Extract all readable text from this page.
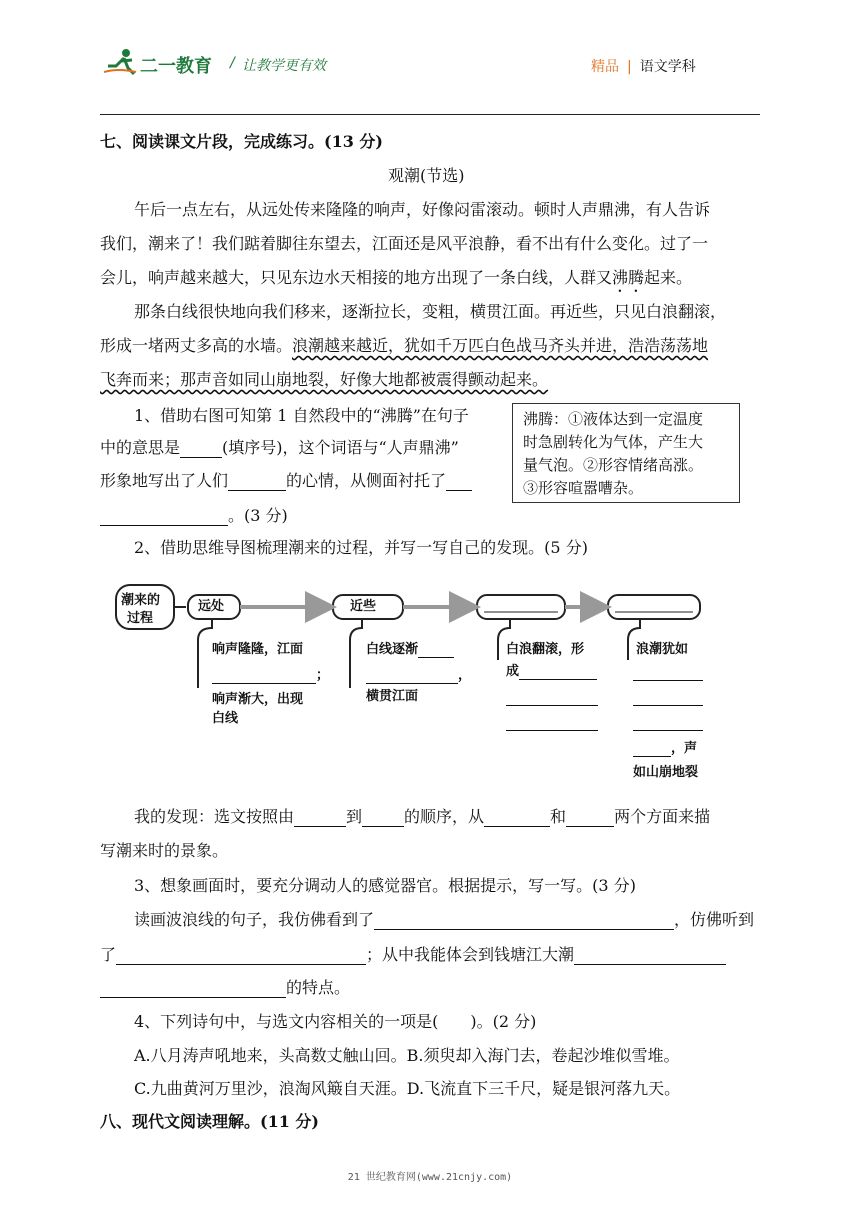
二一教育 / 让教学更有效	精品 | 语文学科
七、阅读课文片段，完成练习。(13 分)
观潮(节选)
午后一点左右，从远处传来隆隆的响声，好像闷雷滚动。顿时人声鼎沸，有人告诉
我们，潮来了！我们踮着脚往东望去，江面还是风平浪静，看不出有什么变化。过了一
会儿，响声越来越大，只见东边水天相接的地方出现了一条白线，人群又沸腾起来。
那条白线很快地向我们移来，逐渐拉长，变粗，横贯江面。再近些，只见白浪翻滚，
形成一堵两丈多高的水墙。浪潮越来越近，犹如千万匹白色战马齐头并进，浩浩荡荡地
飞奔而来；那声音如同山崩地裂，好像大地都被震得颤动起来。
1、借助右图可知第 1 自然段中的“沸腾”在句子
中的意思是	(填序号)，这个词语与“人声鼎沸”
形象地写出了人们	的心情，从侧面衬托了
。(3 分)
沸腾：①液体达到一定温度
时急剧转化为气体，产生大
量气泡。②形容情绪高涨。
③形容喧嚣嘈杂。
2、借助思维导图梳理潮来的过程，并写一写自己的发现。(5 分)
潮来的
过程
远处	近些
响声隆隆，江面
；
响声渐大，出现
白线
白线逐渐
，
横贯江面
白浪翻滚，形
成
浪潮犹如
，声
如山崩地裂
我的发现：选文按照由	到	的顺序，从	和	两个方面来描
写潮来时的景象。
3、想象画面时，要充分调动人的感觉器官。根据提示，写一写。(3 分)
读画波浪线的句子，我仿佛看到了	，仿佛听到
了	；从中我能体会到钱塘江大潮
的特点。
4、下列诗句中，与选文内容相关的一项是(　　)。(2 分)
A.八月涛声吼地来，头高数丈触山回。B.须臾却入海门去，卷起沙堆似雪堆。
C.九曲黄河万里沙，浪淘风簸自天涯。D.飞流直下三千尺，疑是银河落九天。
八、现代文阅读理解。(11 分)
21 世纪教育网(www.21cnjy.com)
